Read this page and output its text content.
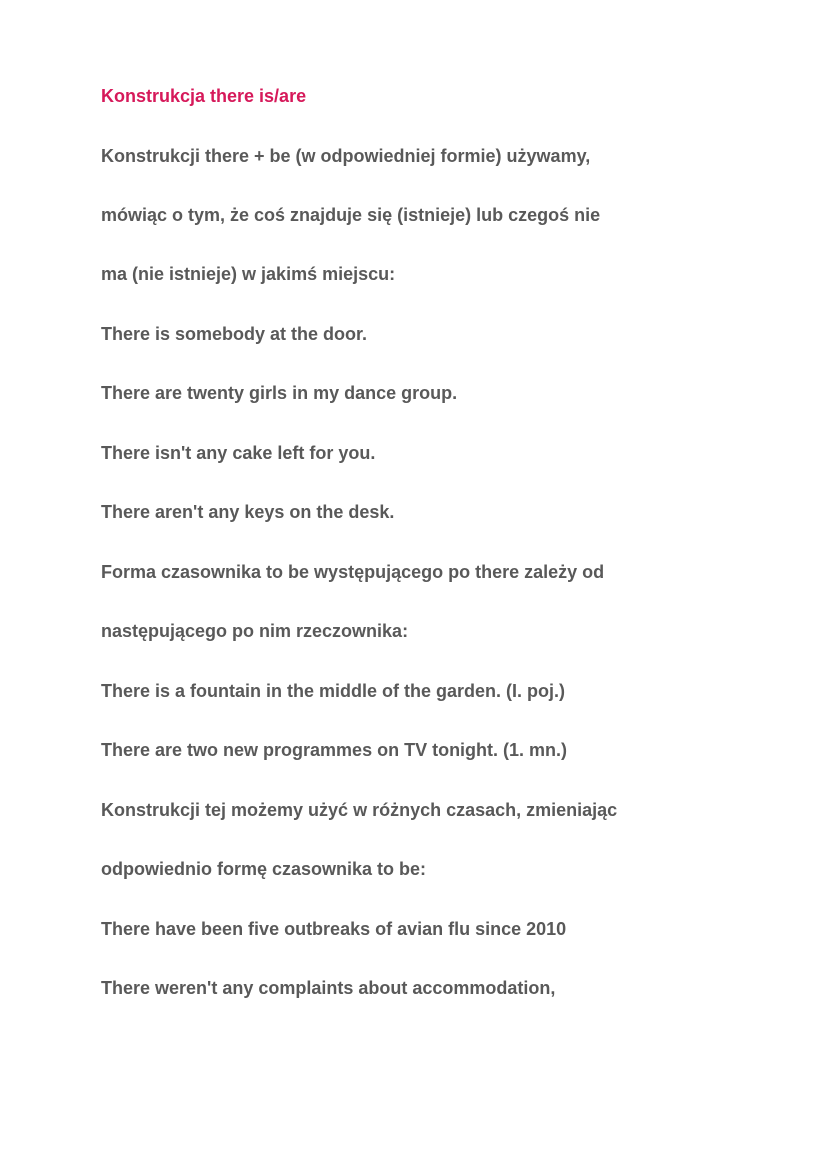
Konstrukcja there is/are

Konstrukcji there + be (w odpowiedniej formie) używamy,

mówiąc o tym, że coś znajduje się (istnieje) lub czegoś nie

ma (nie istnieje) w jakimś miejscu:

There is somebody at the door.

There are twenty girls in my dance group.

There isn't any cake left for you.

There aren't any keys on the desk.

Forma czasownika to be występującego po there zależy od

następującego po nim rzeczownika:

There is a fountain in the middle of the garden. (I. poj.)

There are two new programmes on TV tonight. (1. mn.)

Konstrukcji tej możemy użyć w różnych czasach, zmieniając

odpowiednio formę czasownika to be:

There have been five outbreaks of avian flu since 2010

There weren't any complaints about accommodation,
